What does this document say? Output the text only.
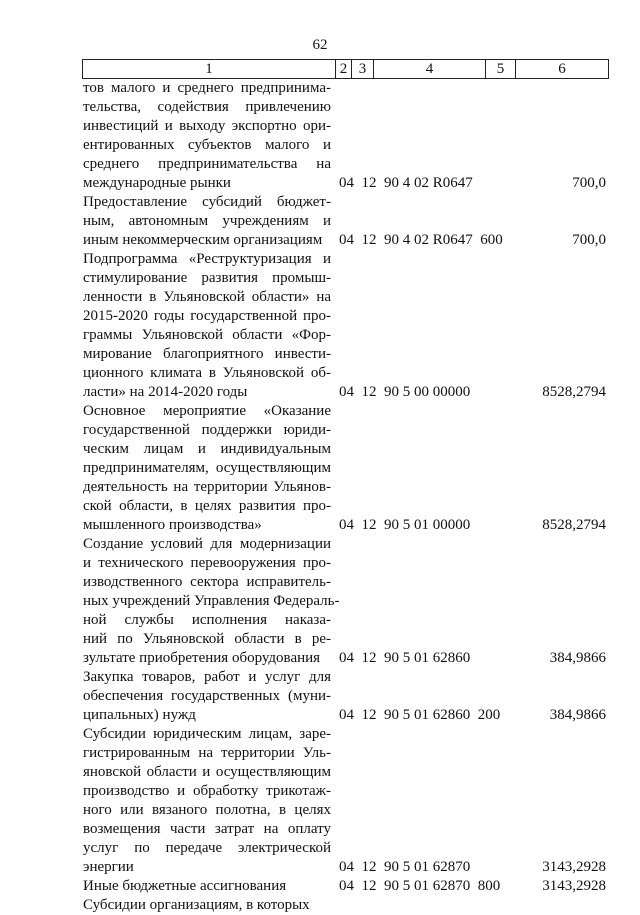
62
1	2 3	4	5	6
тов малого и среднего предпринима-
тельства, содействия привлечению
инвестиций и выходу экспортно ори-
ентированных субъектов малого и
среднего предпринимательства на
международные рынки	04  12  90 4 02 R0647	700,0
Предоставление субсидий бюджет-
ным, автономным учреждениям и
иным некоммерческим организациям	04  12  90 4 02 R0647  600	700,0
Подпрограмма «Реструктуризация и
стимулирование развития промыш-
ленности в Ульяновской области» на
2015-2020 годы государственной про-
граммы Ульяновской области «Фор-
мирование благоприятного инвести-
ционного климата в Ульяновской об-
ласти» на 2014-2020 годы	04  12  90 5 00 00000	8528,2794
Основное мероприятие «Оказание
государственной поддержки юриди-
ческим лицам и индивидуальным
предпринимателям, осуществляющим
деятельность на территории Ульянов-
ской области, в целях развития про-
мышленного производства»	04  12  90 5 01 00000	8528,2794
Создание условий для модернизации
и технического перевооружения про-
изводственного сектора исправитель-
ных учреждений Управления Федераль-
ной службы исполнения наказа-
ний по Ульяновской области в ре-
зультате приобретения оборудования	04  12  90 5 01 62860	384,9866
Закупка товаров, работ и услуг для
обеспечения государственных (муни-
ципальных) нужд	04  12  90 5 01 62860  200	384,9866
Субсидии юридическим лицам, заре-
гистрированным на территории Уль-
яновской области и осуществляющим
производство и обработку трикотаж-
ного или вязаного полотна, в целях
возмещения части затрат на оплату
услуг по передаче электрической
энергии	04  12  90 5 01 62870	3143,2928
Иные бюджетные ассигнования	04  12  90 5 01 62870  800	3143,2928
Субсидии организациям, в которых
